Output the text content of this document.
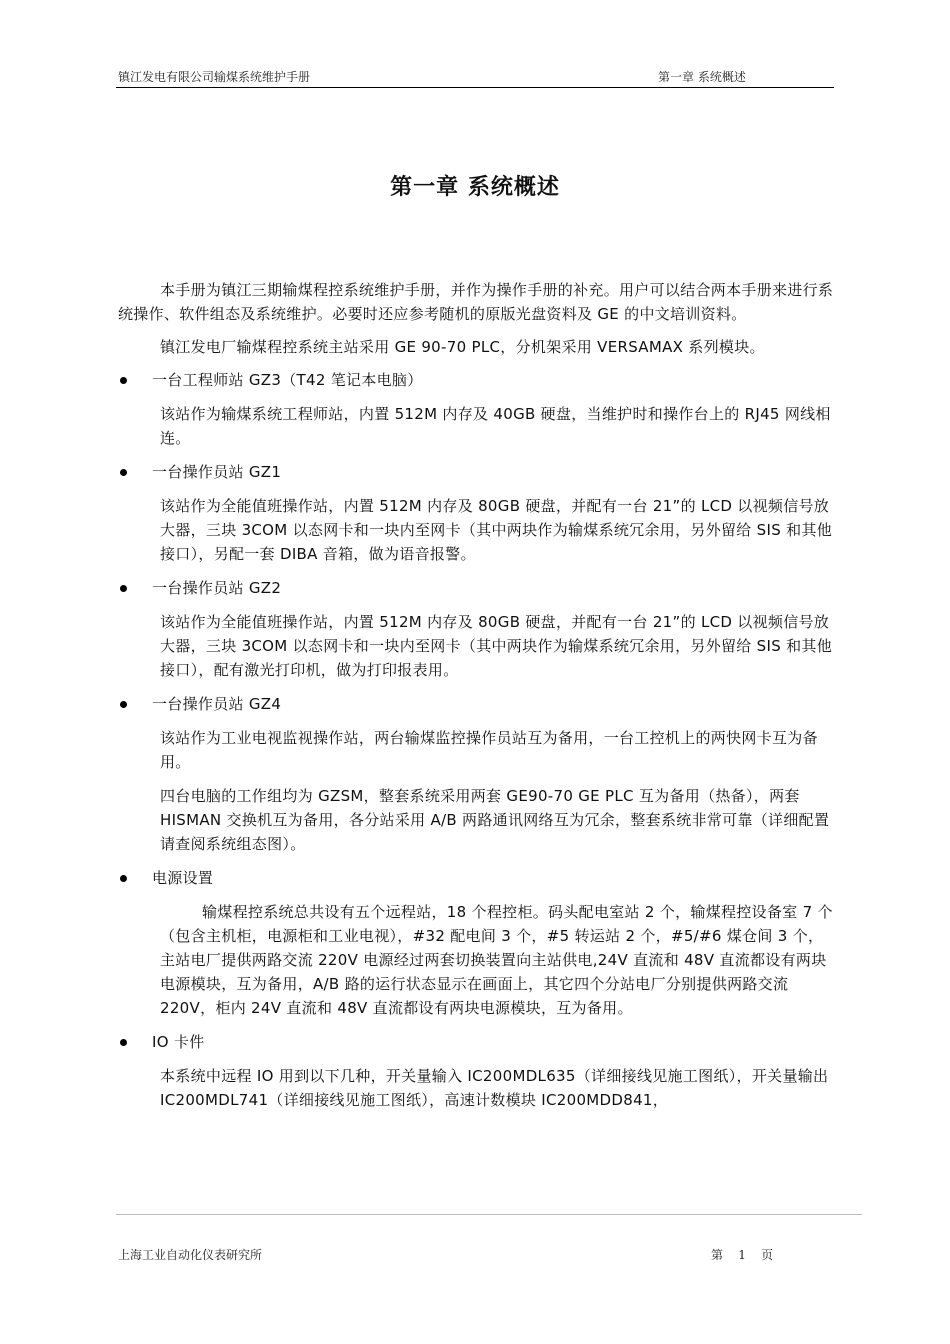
镇江发电有限公司输煤系统维护手册	第一章 系统概述
第一章 系统概述

本手册为镇江三期输煤程控系统维护手册，并作为操作手册的补充。用户可以结合两本手册来进行系统操作、软件组态及系统维护。必要时还应参考随机的原版光盘资料及 GE 的中文培训资料。

镇江发电厂输煤程控系统主站采用 GE 90-70 PLC，分机架采用 VERSAMAX 系列模块。

一台工程师站 GZ3（T42 笔记本电脑）

该站作为输煤系统工程师站，内置 512M 内存及 40GB 硬盘，当维护时和操作台上的 RJ45 网线相连。

一台操作员站 GZ1

该站作为全能值班操作站，内置 512M 内存及 80GB 硬盘，并配有一台 21”的 LCD 以视频信号放大器，三块 3COM 以态网卡和一块内至网卡（其中两块作为输煤系统冗余用，另外留给 SIS 和其他接口），另配一套 DIBA 音箱，做为语音报警。

一台操作员站 GZ2

该站作为全能值班操作站，内置 512M 内存及 80GB 硬盘，并配有一台 21”的 LCD 以视频信号放大器，三块 3COM 以态网卡和一块内至网卡（其中两块作为输煤系统冗余用，另外留给 SIS 和其他接口），配有激光打印机，做为打印报表用。

一台操作员站 GZ4

该站作为工业电视监视操作站，两台输煤监控操作员站互为备用，一台工控机上的两快网卡互为备用。

四台电脑的工作组均为 GZSM，整套系统采用两套 GE90-70 GE PLC 互为备用（热备），两套 HISMAN 交换机互为备用，各分站采用 A/B 两路通讯网络互为冗余，整套系统非常可靠（详细配置请查阅系统组态图）。

电源设置

输煤程控系统总共设有五个远程站，18 个程控柜。码头配电室站 2 个，输煤程控设备室 7 个（包含主机柜，电源柜和工业电视），#32 配电间 3 个，#5 转运站 2 个，#5/#6 煤仓间 3 个，主站电厂提供两路交流 220V 电源经过两套切换装置向主站供电,24V 直流和 48V 直流都设有两块电源模块，互为备用，A/B 路的运行状态显示在画面上，其它四个分站电厂分别提供两路交流 220V，柜内 24V 直流和 48V 直流都设有两块电源模块，互为备用。

IO 卡件

本系统中远程 IO 用到以下几种，开关量输入 IC200MDL635（详细接线见施工图纸），开关量输出 IC200MDL741（详细接线见施工图纸），高速计数模块 IC200MDD841，

上海工业自动化仪表研究所	第    1    页
